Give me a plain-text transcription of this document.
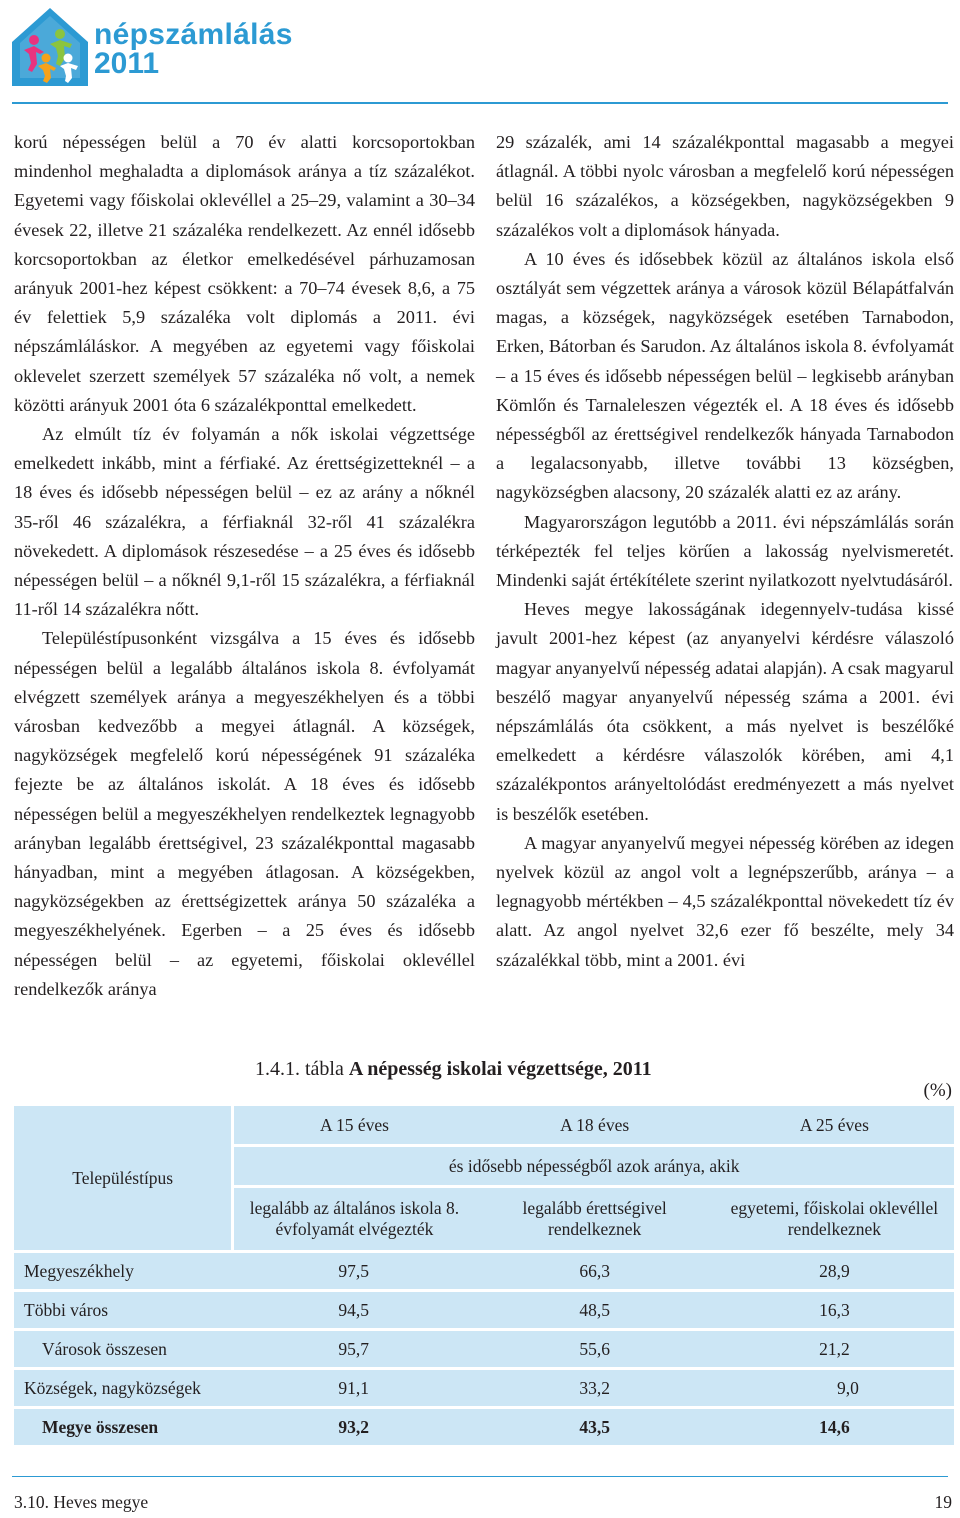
népszámlálás
2011

korú népességen belül a 70 év alatti korcsoportokban mindenhol meghaladta a diplomások aránya a tíz százalékot. Egyetemi vagy főiskolai oklevéllel a 25–29, valamint a 30–34 évesek 22, illetve 21 százaléka rendelkezett. Az ennél idősebb korcsoportokban az életkor emelkedésével párhuzamosan arányuk 2001-hez képest csökkent: a 70–74 évesek 8,6, a 75 év felettiek 5,9 százaléka volt diplomás a 2011. évi népszámláláskor. A megyében az egyetemi vagy főiskolai oklevelet szerzett személyek 57 százaléka nő volt, a nemek közötti arányuk 2001 óta 6 százalékponttal emelkedett.

Az elmúlt tíz év folyamán a nők iskolai végzettsége emelkedett inkább, mint a férfiaké. Az érettségizetteknél – a 18 éves és idősebb népességen belül – ez az arány a nőknél 35-ről 46 százalékra, a férfiaknál 32-ről 41 százalékra növekedett. A diplomások részesedése – a 25 éves és idősebb népességen belül – a nőknél 9,1-ről 15 százalékra, a férfiaknál 11-ről 14 százalékra nőtt.

Településtípusonként vizsgálva a 15 éves és idősebb népességen belül a legalább általános iskola 8. évfolyamát elvégzett személyek aránya a megyeszékhelyen és a többi városban kedvezőbb a megyei átlagnál. A községek, nagyközségek megfelelő korú népességének 91 százaléka fejezte be az általános iskolát. A 18 éves és idősebb népességen belül a megyeszékhelyen rendelkeztek legnagyobb arányban legalább érettségivel, 23 százalékponttal magasabb hányadban, mint a megyében átlagosan. A községekben, nagyközségekben az érettségizettek aránya 50 százaléka a megyeszékhelyének. Egerben – a 25 éves és idősebb népességen belül – az egyetemi, főiskolai oklevéllel rendelkezők aránya

29 százalék, ami 14 százalékponttal magasabb a megyei átlagnál. A többi nyolc városban a megfelelő korú népességen belül 16 százalékos, a községekben, nagyközségekben 9 százalékos volt a diplomások hányada.

A 10 éves és idősebbek közül az általános iskola első osztályát sem végzettek aránya a városok közül Bélapátfalván magas, a községek, nagyközségek esetében Tarnabodon, Erken, Bátorban és Sarudon. Az általános iskola 8. évfolyamát – a 15 éves és idősebb népességen belül – legkisebb arányban Kömlőn és Tarnaleleszen végezték el. A 18 éves és idősebb népességből az érettségivel rendelkezők hányada Tarnabodon a legalacsonyabb, illetve további 13 községben, nagyközségben alacsony, 20 százalék alatti ez az arány.

Magyarországon legutóbb a 2011. évi népszámlálás során térképezték fel teljes körűen a lakosság nyelvismeretét. Mindenki saját értékítélete szerint nyilatkozott nyelvtudásáról.

Heves megye lakosságának idegennyelv-tudása kissé javult 2001-hez képest (az anyanyelvi kérdésre válaszoló magyar anyanyelvű népesség adatai alapján). A csak magyarul beszélő magyar anyanyelvű népesség száma a 2001. évi népszámlálás óta csökkent, a más nyelvet is beszélőké emelkedett a kérdésre válaszolók körében, ami 4,1 százalékpontos arányeltolódást eredményezett a más nyelvet is beszélők esetében.

A magyar anyanyelvű megyei népesség körében az idegen nyelvek közül az angol volt a legnépszerűbb, aránya – a legnagyobb mértékben – 4,5 százalékponttal növekedett tíz év alatt. Az angol nyelvet 32,6 ezer fő beszélte, mely 34 százalékkal több, mint a 2001. évi

1.4.1. tábla A népesség iskolai végzettsége, 2011
(%)
Településtípus	A 15 éves	A 18 éves	A 25 éves
	és idősebb népességből azok aránya, akik		
	legalább az általános iskola 8. évfolyamát elvégezték	legalább érettségivel rendelkeznek	egyetemi, főiskolai oklevéllel rendelkeznek

Megyeszékhely	97,5	66,3	28,9

Többi város	94,5	48,5	16,3

Városok összesen	95,7	55,6	21,2

Községek, nagyközségek	91,1	33,2	9,0

Megye összesen	93,2	43,5	14,6
3.10. Heves megye	19
